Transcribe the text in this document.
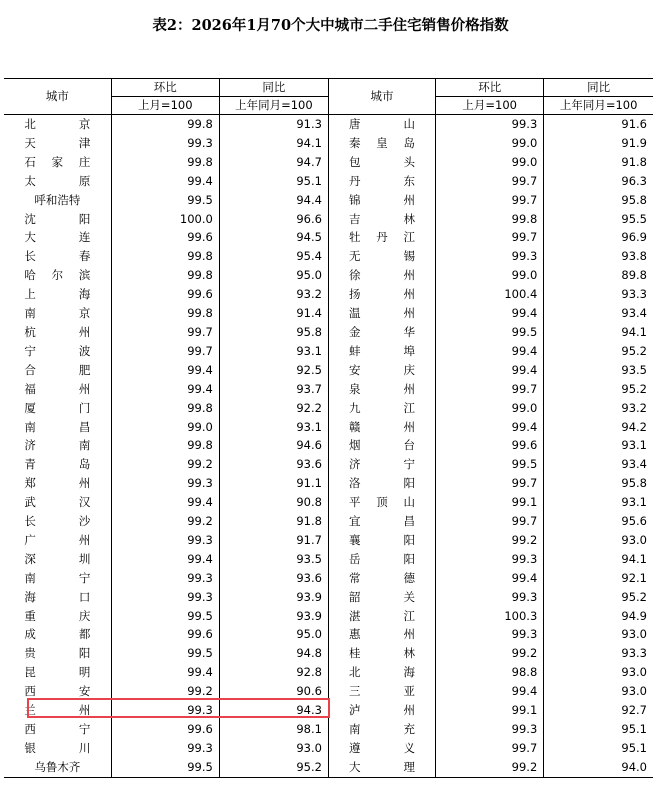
表2：2026年1月70个大中城市二手住宅销售价格指数
城市	环比	同比	城市	环比	同比
	上月=100	上年同月=100		上月=100	上年同月=100

北 京	99.8	91.3	唐 山	99.3	91.6

天 津	99.3	94.1	秦 皇 岛	99.0	91.9

石 家 庄	99.8	94.7	包 头	99.0	91.8

太 原	99.4	95.1	丹 东	99.7	96.3

呼和浩特	99.5	94.4	锦 州	99.7	95.8

沈 阳	100.0	96.6	吉 林	99.8	95.5

大 连	99.6	94.5	牡 丹 江	99.7	96.9

长 春	99.8	95.4	无 锡	99.3	93.8

哈 尔 滨	99.8	95.0	徐 州	99.0	89.8

上 海	99.6	93.2	扬 州	100.4	93.3

南 京	99.8	91.4	温 州	99.4	93.4

杭 州	99.7	95.8	金 华	99.5	94.1

宁 波	99.7	93.1	蚌 埠	99.4	95.2

合 肥	99.4	92.5	安 庆	99.4	93.5

福 州	99.4	93.7	泉 州	99.7	95.2

厦 门	99.8	92.2	九 江	99.0	93.2

南 昌	99.0	93.1	赣 州	99.4	94.2

济 南	99.8	94.6	烟 台	99.6	93.1

青 岛	99.2	93.6	济 宁	99.5	93.4

郑 州	99.3	91.1	洛 阳	99.7	95.8

武 汉	99.4	90.8	平 顶 山	99.1	93.1

长 沙	99.2	91.8	宜 昌	99.7	95.6

广 州	99.3	91.7	襄 阳	99.2	93.0

深 圳	99.4	93.5	岳 阳	99.3	94.1

南 宁	99.3	93.6	常 德	99.4	92.1

海 口	99.3	93.9	韶 关	99.3	95.2

重 庆	99.5	93.9	湛 江	100.3	94.9

成 都	99.6	95.0	惠 州	99.3	93.0

贵 阳	99.5	94.8	桂 林	99.2	93.3

昆 明	99.4	92.8	北 海	98.8	93.0

西 安	99.2	90.6	三 亚	99.4	93.0

兰 州	99.3	94.3	泸 州	99.1	92.7

西 宁	99.6	98.1	南 充	99.3	95.1

银 川	99.3	93.0	遵 义	99.7	95.1

乌鲁木齐	99.5	95.2	大 理	99.2	94.0
